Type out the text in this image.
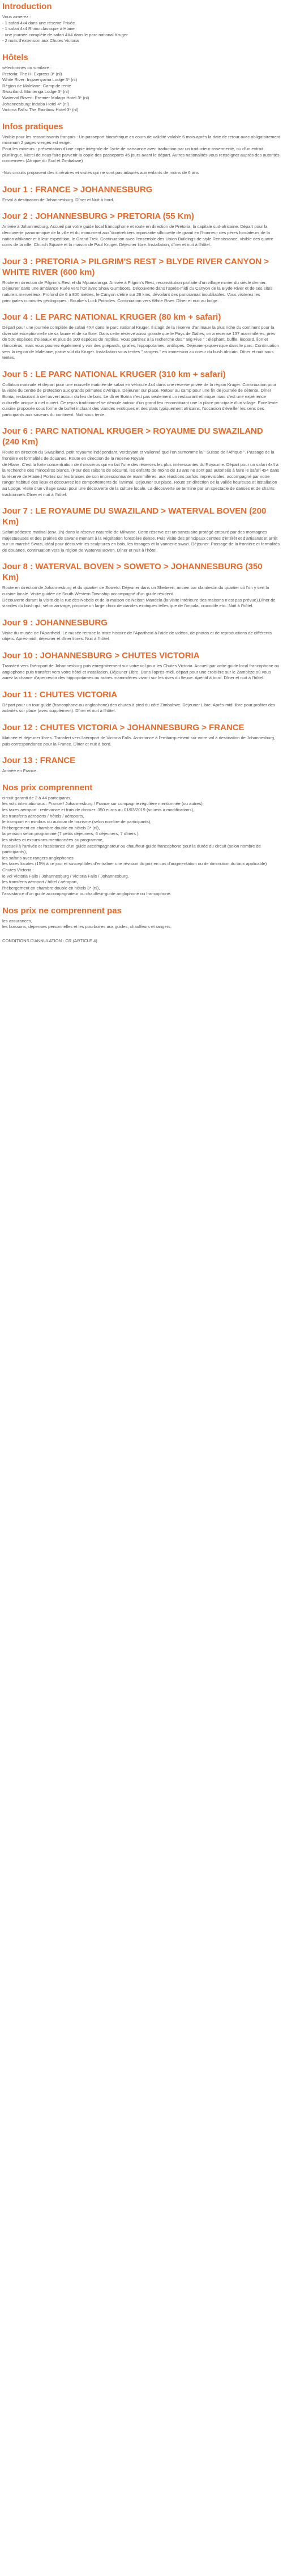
Introduction

Vous aimerez :

- 1 safari 4x4 dans une réserve Privée

- 1 safari 4x4 Rhino classique à Hlane

- une journée complète de safari 4X4 dans le parc national Kruger

- 2 nuits d'extension aux Chutes Victoria

Hôtels

sélectionnés ou similaire :

Pretoria: The HI Express 3* (nl)

White River: Ingwenyama Lodge 3* (nl)

Région de Malelane: Camp de tente

Swaziland: Mantenga Lodge 3* (nl)

Waterval Boven: Premier Malaga Hotel 3* (nl)

Johannesburg: Indaba Hotel 4* (nl)

Victoria Falls: The Rainbow Hotel 3* (nl)

Infos pratiques

Visible pour les ressortissants français : Un passeport biométrique en cours de validité valable 6 mois après la date de retour avec obligatoirement minimum 2 pages vierges est exigé.
Pour les mineurs : présentation d'une copie intégrale de l'acte de naissance avec traduction par un traducteur assermenté, ou d'un extrait plurilingue. Merci de nous faire parvenir la copie des passeports 45 jours avant le départ. Autres nationalités vous renseigner auprès des autorités concernées (Afrique du Sud et Zimbabwe)

-Nos circuits proposent des itinéraires et visites qui ne sont pas adaptés aux enfants de moins de 6 ans

Jour 1 : FRANCE > JOHANNESBURG

Envol à destination de Johannesburg. Dîner et Nuit à bord.

Jour 2 : JOHANNESBURG > PRETORIA (55 Km)

Arrivée à Johannesburg. Accueil par votre guide local francophone et route en direction de Pretoria, la capitale sud-africaine. Départ pour la découverte panoramique de la ville et du monument aux Voortrekkers imposante silhouette de granit en l'honneur des pères fondateurs de la nation afrikaner et à leur expédition, le Grand Trek. Continuation avec l'ensemble des Union Buildings de style Renaissance, visible des quatre coins de la ville, Church Square et la maison de Paul Kruger. Déjeuner libre. Installation, dîner et nuit à l'hôtel.

Jour 3 : PRETORIA > PILGRIM'S REST > BLYDE RIVER CANYON > WHITE RIVER (600 km)

Route en direction de Pilgrim's Rest et du Mpumalanga. Arrivée à Pilgrim's Rest, reconstitution parfaite d'un village minier du siècle dernier. Déjeuner dans une ambiance Ruée vers l'Or avec Show Gumboots. Découverte dans l'après-midi du Canyon de la Blyde River et de ses sites naturels merveilleux. Profond de 6 à 800 mètres, le Canyon s'étire sur 26 kms, dévoilant des panoramas inoubliables. Vous visiterez les principales curiosités géologiques : Bourke's Luck Potholes. Continuation vers White River. Dîner et nuit au lodge.

Jour 4 : LE PARC NATIONAL KRUGER (80 km + safari)

Départ pour une journée complète de safari 4X4 dans le parc national Kruger. Il s'agit de la réserve d'animaux la plus riche du continent pour la diversité exceptionnelle de sa faune et de sa flore. Dans cette réserve aussi grande que le Pays de Galles, on a recensé 137 mammifères, près de 500 espèces d'oiseaux et plus de 100 espèces de reptiles. Vous partirez à la recherche des " Big Five " : éléphant, buffle, léopard, lion et rhinocéros, mais vous pourrez également y voir des guépards, girafes, hippopotames, antilopes. Déjeuner-pique-nique dans le parc. Continuation vers la région de Malelane, partie sud du Kruger. Installation sous tentes " rangers " en immersion au coeur du bush africain. Dîner et nuit sous tentes.

Jour 5 : LE PARC NATIONAL KRUGER (310 km + safari)

Collation matinale et départ pour une nouvelle matinée de safari en véhicule 4x4 dans une réserve privée de la région Kruger. Continuation pour la visite du centre de protection aux grands primates d'Afrique. Déjeuner sur place. Retour au camp pour une fin de journée de détente. Dîner Boma, restaurant à ciel ouvert autour du feu de bois. Le dîner Boma n'est pas seulement un restaurant ethnique mais c'est une expérience culturelle unique à ciel ouvert. Ce repas traditionnel se déroule autour d'un grand feu reconstituant une la place principale d'un village. Excellente cuisine proposée sous forme de buffet incluant des viandes exotiques et des plats typiquement africains, l'occasion d'éveiller les sens des participants aux saveurs du continent. Nuit sous tente.

Jour 6 : PARC NATIONAL KRUGER > ROYAUME DU SWAZILAND (240 Km)

Route en direction du Swaziland, petit royaume indépendant, verdoyant et vallonné que l'on surnomme la " Suisse de l'Afrique ". Passage de la frontière et formalités de douanes. Route en direction de la réserve Royale
de Hlane. C'est la forte concentration de rhinocéros qui en fait l'une des réserves les plus intéressantes du Royaume. Départ pour un safari 4x4 à la recherche des rhinocéros blancs. (Pour des raisons de sécurité, les enfants de moins de 13 ans ne sont pas autorisés à faire le safari 4x4 dans la réserve de Hlane.) Portez sur les braises de son impressionnante mammifères, aux réactions parfois imprévisibles, accompagné par votre ranger habitué des lieux et découvrez les comportements de l'animal. Déjeuner sur place. Route en direction de la vallée heureuse et installation au Lodge. Visite d'un village swazi pour une découverte de la culture locale. La découverte se termine par un spectacle de danses et de chants traditionnels Dîner et nuit à l'hôtel.

Jour 7 : LE ROYAUME DU SWAZILAND > WATERVAL BOVEN (200 Km)

Safari pédestre matinal (env. 1h) dans la réserve naturelle de Milwane. Cette réserve est un sanctuaire protégé entouré par des montagnes majestueuses et des prairies de savane menant à la végétation forestière dense. Puis visite des principaux centres d'intérêt et d'artisanat et arrêt sur un marché Swazi, idéal pour découvrir les sculptures en bois, les tissages et la vannerie swazi. Déjeuner. Passage de la frontière et formalités de douanes, continuation vers la région de Waterval Boven. Dîner et nuit à l'hôtel.

Jour 8 : WATERVAL BOVEN > SOWETO > JOHANNESBURG (350 Km)

Route en direction de Johannesburg et du quartier de Soweto. Déjeuner dans un Shebeen, ancien bar clandestin du quartier où l'on y sert la cuisine locale. Visite guidée de South Western Township accompagné d'un guide résident.
Découverte durant la visite de la rue des Nobels et de la maison de Nelson Mandela (la visite intérieure des maisons n'est pas prévue).Dîner de viandes du bush qui, selon arrivage, propose un large choix de viandes exotiques telles que de l'impala, crocodile etc...Nuit à l'hôtel.

Jour 9 : JOHANNESBURG

Visite du musée de l'Apartheid. Le musée retrace la triste histoire de l'Apartheid à l'aide de vidéos, de photos et de reproductions de différents objets. Après-midi, déjeuner et dîner libres. Nuit à l'hôtel.

Jour 10 : JOHANNESBURG > CHUTES VICTORIA

Transfert vers l'aéroport de Johannesburg puis enregistrement sur votre vol pour les Chutes Victoria. Accueil par votre guide local francophone ou anglophone puis transfert vers votre hôtel et installation. Déjeuner Libre. Dans l'après-midi, départ pour une croisière sur le Zambèze où vous aurez la chance d'apercevoir des hippopotames ou autres mammifères vivant sur les rives du fleuve. Apéritif à bord. Dîner et nuit à l'hôtel.

Jour 11 : CHUTES VICTORIA

Départ pour un tour guidé (francophone ou anglophone) des chutes à pied du côté Zimbabwe. Déjeuner Libre. Après-midi libre pour profiter des activités sur place (avec supplément). Dîner et nuit à l'hôtel.

Jour 12 : CHUTES VICTORIA > JOHANNESBURG > FRANCE

Matinée et déjeuner libres. Transfert vers l'aéroport de Victoria Falls. Assistance à l'embarquement sur votre vol à destination de Johannesburg, puis correspondance pour la France. Dîner et nuit à bord.

Jour 13 : FRANCE

Arrivée en France.

Nos prix comprennent

circuit garanti de 2 à 44 participants,

les vols internationaux : France / Johannesburg / France sur compagnie régulière mentionnée (ou autres),

les taxes aéroport : redevance et frais de dossier: 350 euros au 01/03/2019 (soumis à modifications),

les transferts aéroports / hôtels / aéroports,

le transport en minibus ou autocar de tourisme (selon nombre de participants),

l'hébergement en chambre double en hôtels 3* (nl),

la pension selon programme (7 petits déjeuners, 6 déjeuners, 7 dîners ),

les visites et excursions mentionnées au programme,

l'accueil à l'arrivée et l'assistance d'un guide accompagnateur ou chauffeur-guide francophone pour la durée du circuit (selon nombre de participants),

les safaris avec rangers anglophones

les taxes locales (15% à ce jour et susceptibles d'entraîner une révision du prix en cas d'augmentation ou de diminution du taux applicable)

Chutes Victoria :

le vol Victoria Falls / Johannesburg / Victoria Falls / Johannesburg,

les transferts aéroport / hôtel / aéroport,

l'hébergement en chambre double en hôtels 3* (nl),

l'assistance d'un guide accompagnateur ou chauffeur-guide anglophone ou francophone.

Nos prix ne comprennent pas

les assurances,

les boissons, dépenses personnelles et les pourboires aux guides, chauffeurs et rangers.

CONDITIONS D'ANNULATION : CR (ARTICLE 4)
